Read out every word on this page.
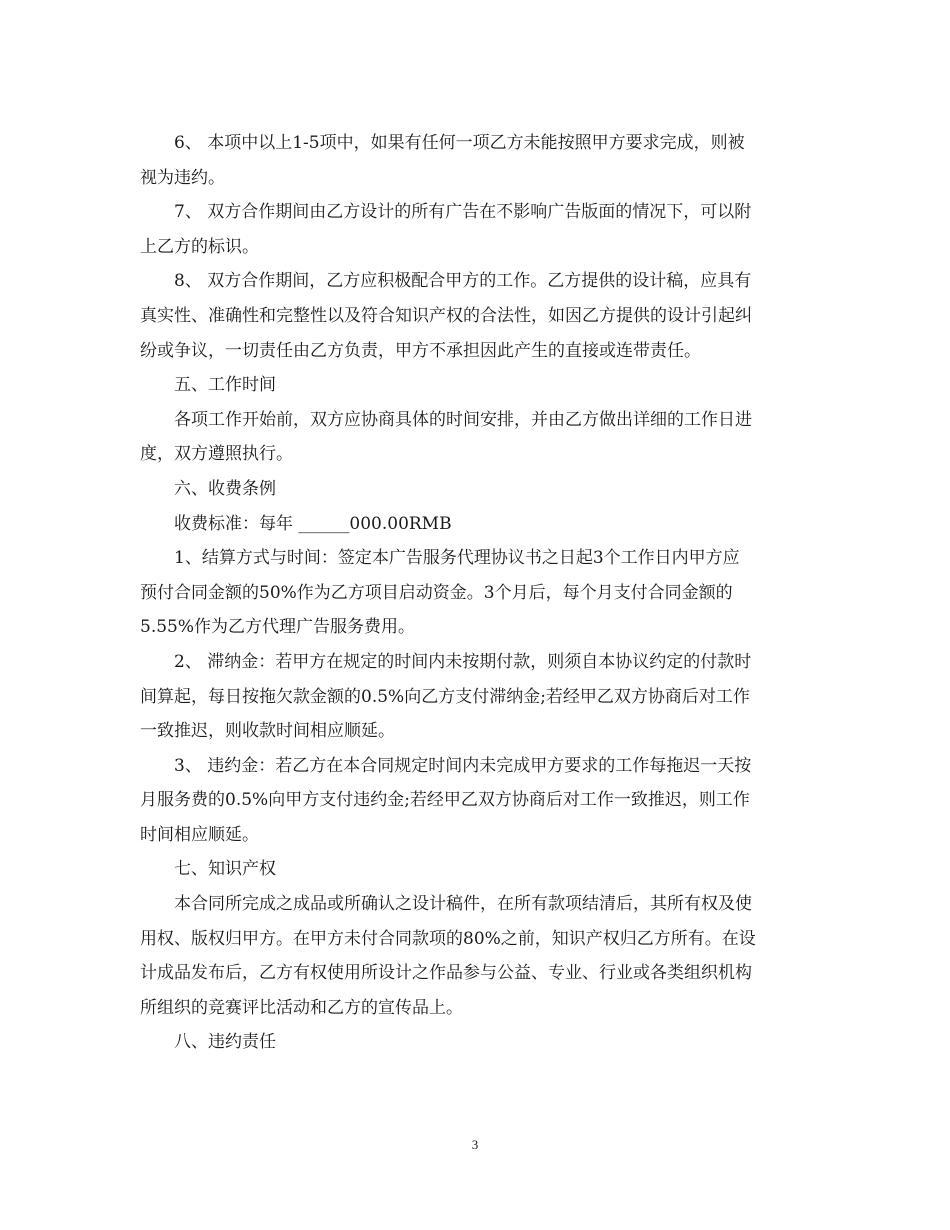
6、 本项中以上1-5项中，如果有任何一项乙方未能按照甲方要求完成，则被
视为违约。

7、 双方合作期间由乙方设计的所有广告在不影响广告版面的情况下，可以附
上乙方的标识。

8、 双方合作期间，乙方应积极配合甲方的工作。乙方提供的设计稿，应具有
真实性、准确性和完整性以及符合知识产权的合法性，如因乙方提供的设计引起纠
纷或争议，一切责任由乙方负责，甲方不承担因此产生的直接或连带责任。

五、工作时间

各项工作开始前，双方应协商具体的时间安排，并由乙方做出详细的工作日进
度，双方遵照执行。

六、收费条例

收费标准：每年 ______000.00RMB

1、结算方式与时间：签定本广告服务代理协议书之日起3个工作日内甲方应
预付合同金额的50%作为乙方项目启动资金。3个月后，每个月支付合同金额的
5.55%作为乙方代理广告服务费用。

2、 滞纳金：若甲方在规定的时间内未按期付款，则须自本协议约定的付款时
间算起，每日按拖欠款金额的0.5%向乙方支付滞纳金;若经甲乙双方协商后对工作
一致推迟，则收款时间相应顺延。

3、 违约金：若乙方在本合同规定时间内未完成甲方要求的工作每拖迟一天按
月服务费的0.5%向甲方支付违约金;若经甲乙双方协商后对工作一致推迟，则工作
时间相应顺延。

七、知识产权

本合同所完成之成品或所确认之设计稿件，在所有款项结清后，其所有权及使
用权、版权归甲方。在甲方未付合同款项的80%之前，知识产权归乙方所有。在设
计成品发布后，乙方有权使用所设计之作品参与公益、专业、行业或各类组织机构
所组织的竞赛评比活动和乙方的宣传品上。

八、违约责任

3
